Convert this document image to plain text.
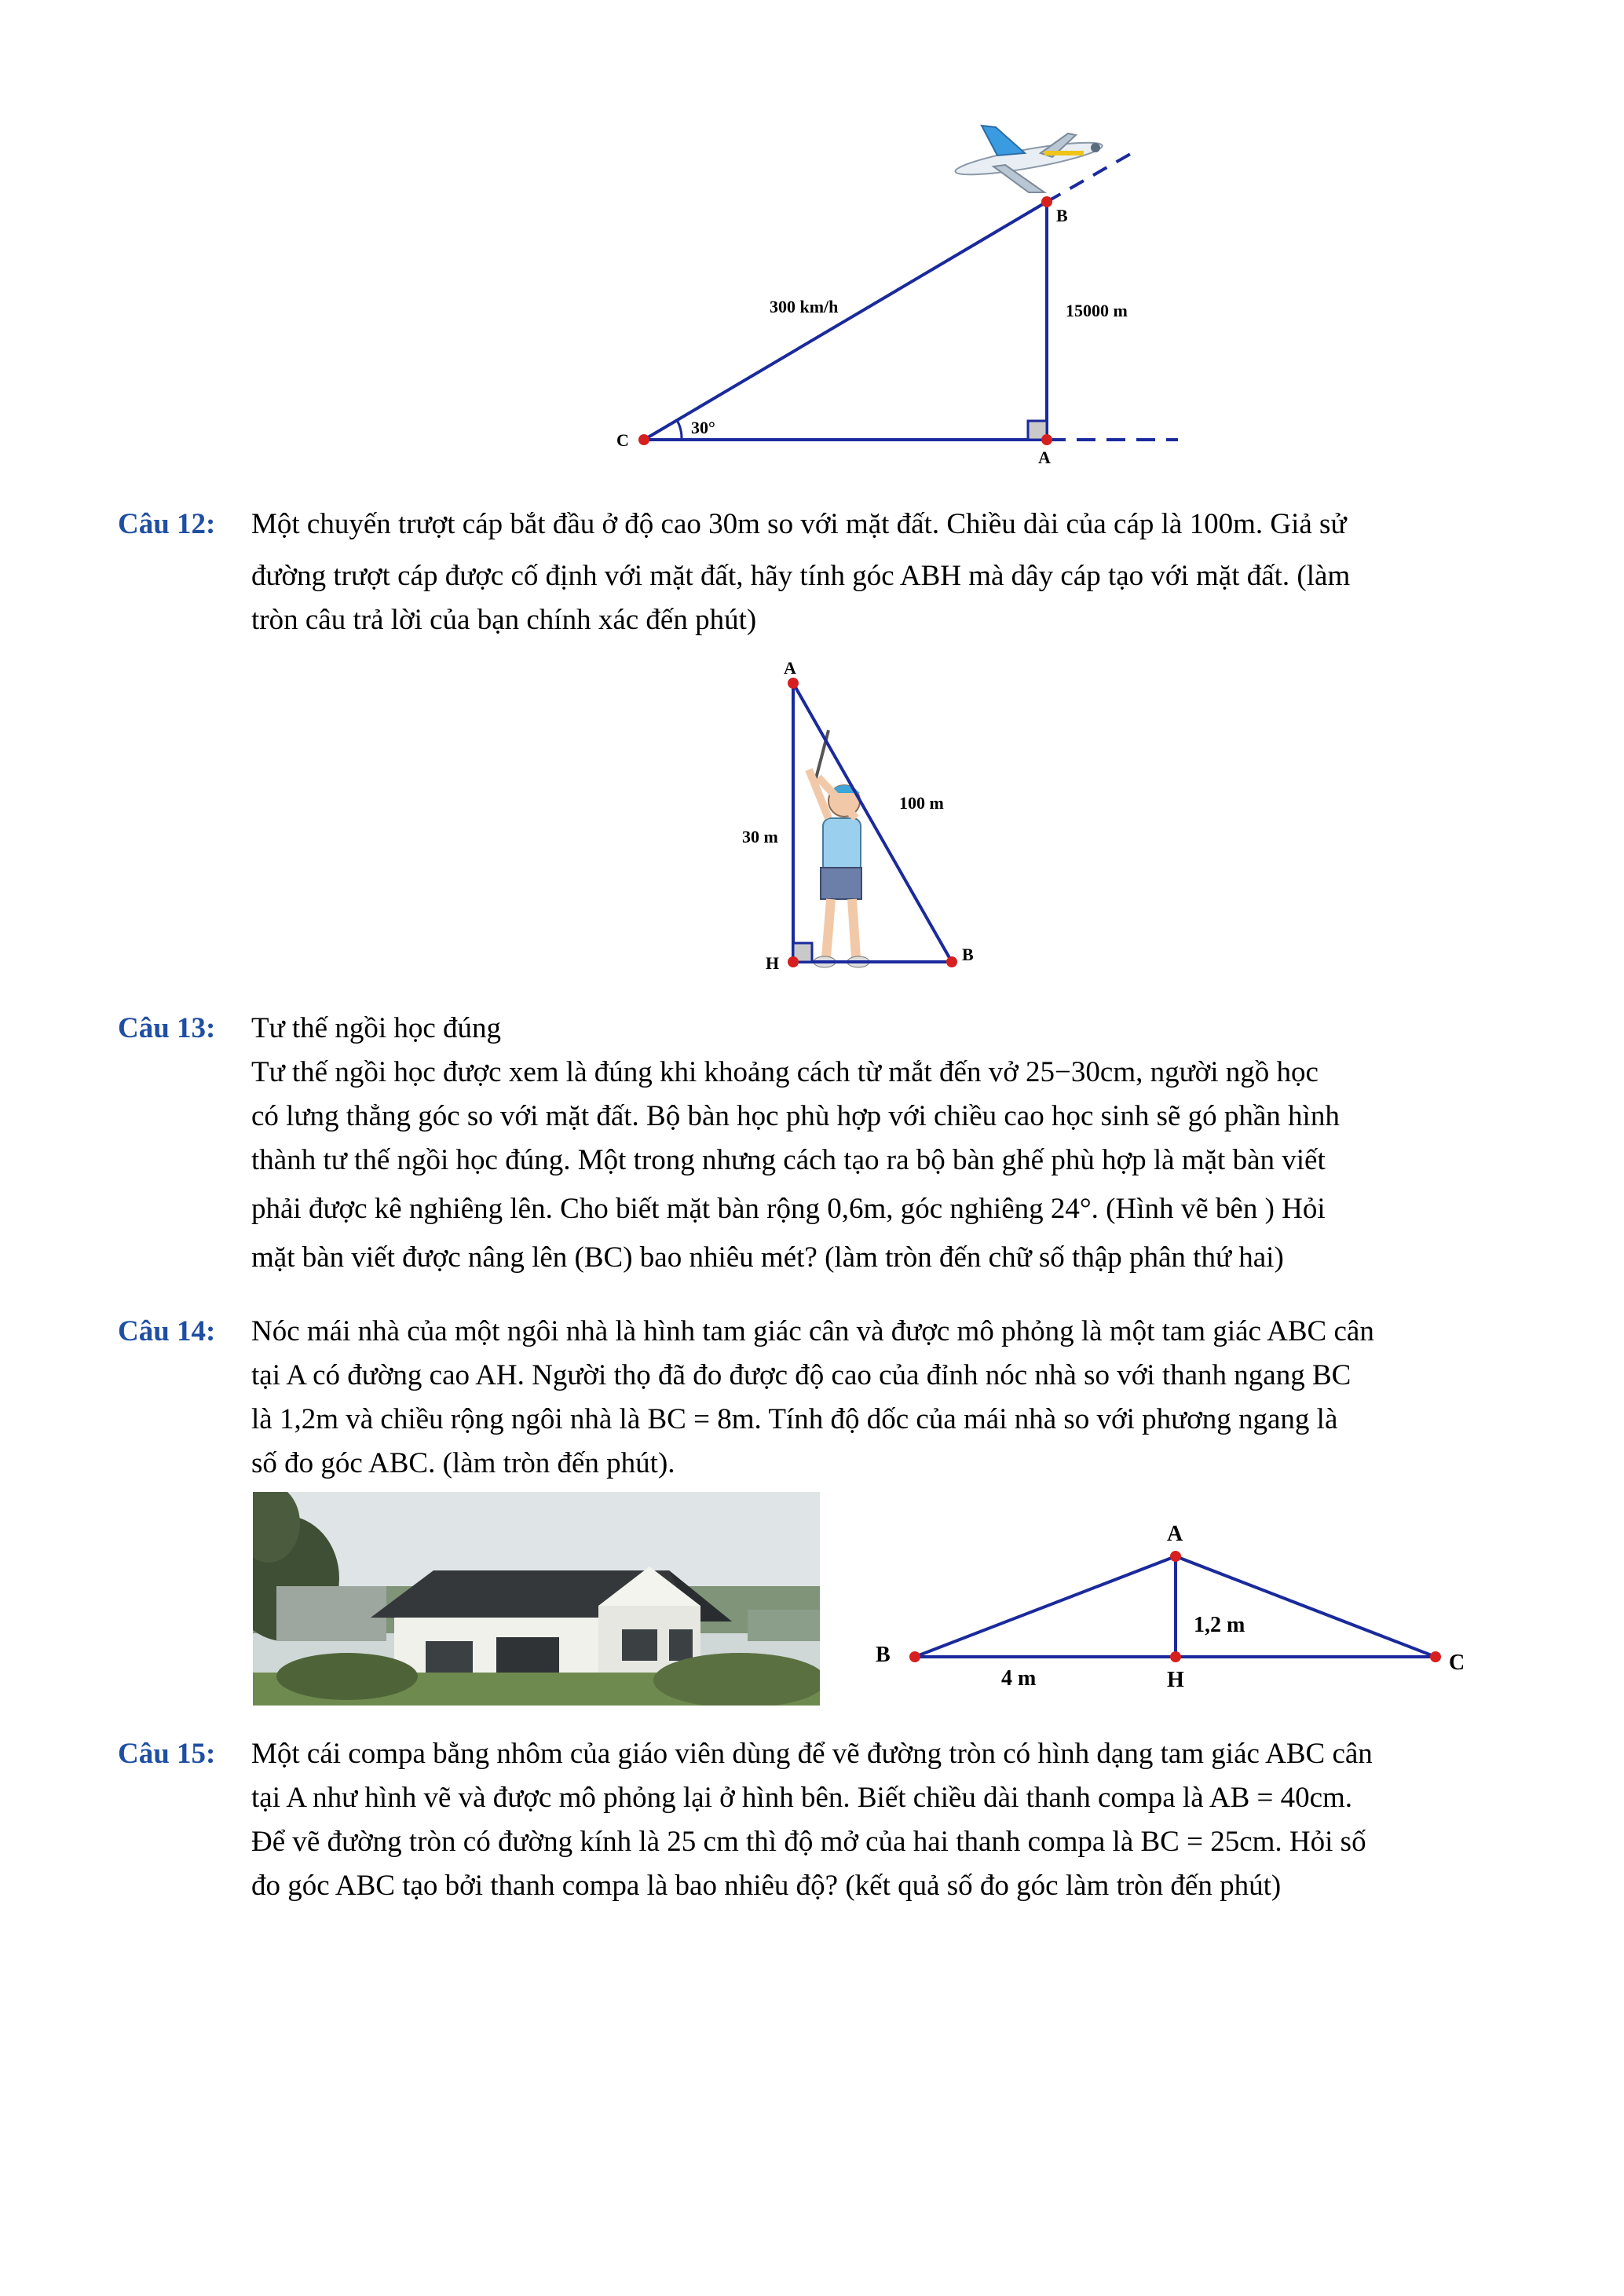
B
A
C
300 km/h	15000 m
30°
Câu 12: Một chuyến trượt cáp bắt đầu ở độ cao 30m so với mặt đất. Chiều dài của cáp là 100m. Giả sử

đường trượt cáp được cố định với mặt đất, hãy tính góc ABH mà dây cáp tạo với mặt đất. (làm

tròn câu trả lời của bạn chính xác đến phút)

A
H	B
30 m
100 m
Câu 13: Tư thế ngồi học đúng

Tư thế ngồi học được xem là đúng khi khoảng cách từ mắt đến vở 25−30cm, người ngồ học

có lưng thẳng góc so với mặt đất. Bộ bàn học phù hợp với chiều cao học sinh sẽ gó phần hình

thành tư thế ngồi học đúng. Một trong nhưng cách tạo ra bộ bàn ghế phù hợp là mặt bàn viết

phải được kê nghiêng lên. Cho biết mặt bàn rộng 0,6m, góc nghiêng 24°. (Hình vẽ bên ) Hỏi

mặt bàn viết được nâng lên (BC) bao nhiêu mét? (làm tròn đến chữ số thập phân thứ hai)

Câu 14: Nóc mái nhà của một ngôi nhà là hình tam giác cân và được mô phỏng là một tam giác ABC cân

tại A có đường cao AH. Người thọ đã đo được độ cao của đỉnh nóc nhà so với thanh ngang BC

là 1,2m và chiều rộng ngôi nhà là BC = 8m. Tính độ dốc của mái nhà so với phương ngang là

số đo góc ABC. (làm tròn đến phút).

A
B	C
H
4 m
1,2 m
Câu 15: Một cái compa bằng nhôm của giáo viên dùng để vẽ đường tròn có hình dạng tam giác ABC cân

tại A như hình vẽ và được mô phỏng lại ở hình bên. Biết chiều dài thanh compa là AB = 40cm.

Để vẽ đường tròn có đường kính là 25 cm thì độ mở của hai thanh compa là BC = 25cm. Hỏi số

đo góc ABC tạo bởi thanh compa là bao nhiêu độ? (kết quả số đo góc làm tròn đến phút)
